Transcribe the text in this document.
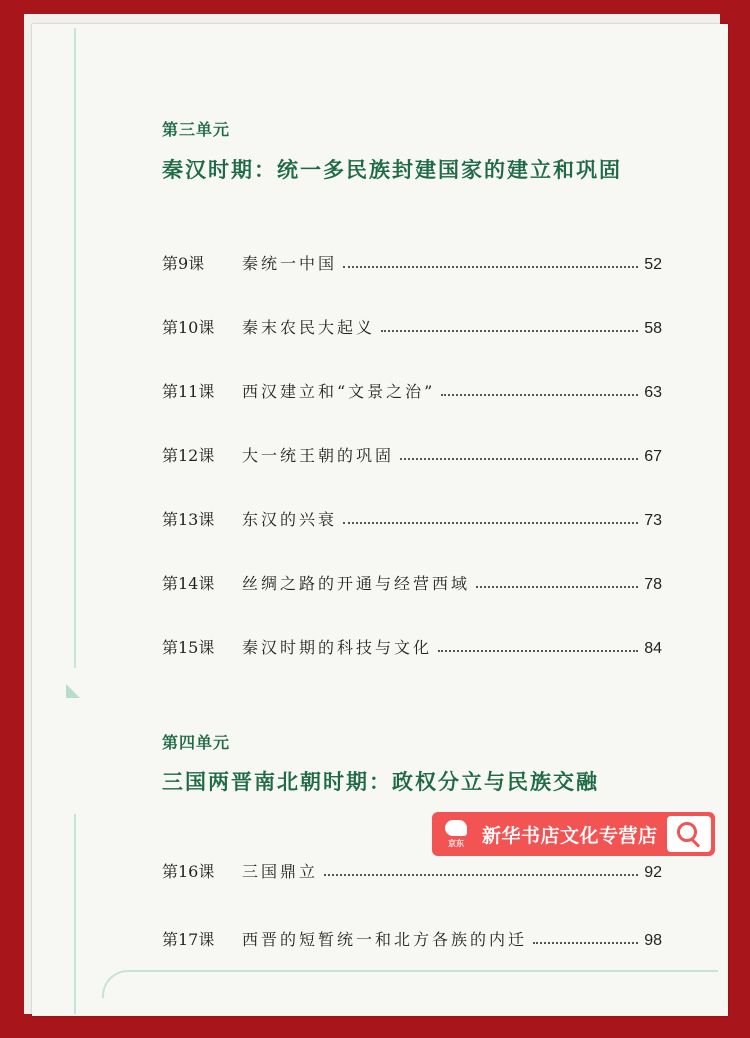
第三单元
秦汉时期：统一多民族封建国家的建立和巩固
第9课	秦统一中国	52
第10课	秦末农民大起义	58
第11课	西汉建立和“文景之治”	63
第12课	大一统王朝的巩固	67
第13课	东汉的兴衰	73
第14课	丝绸之路的开通与经营西域	78
第15课	秦汉时期的科技与文化	84
第四单元
三国两晋南北朝时期：政权分立与民族交融
第16课	三国鼎立	92
第17课	西晋的短暂统一和北方各族的内迁	98
京东 新华书店文化专营店
